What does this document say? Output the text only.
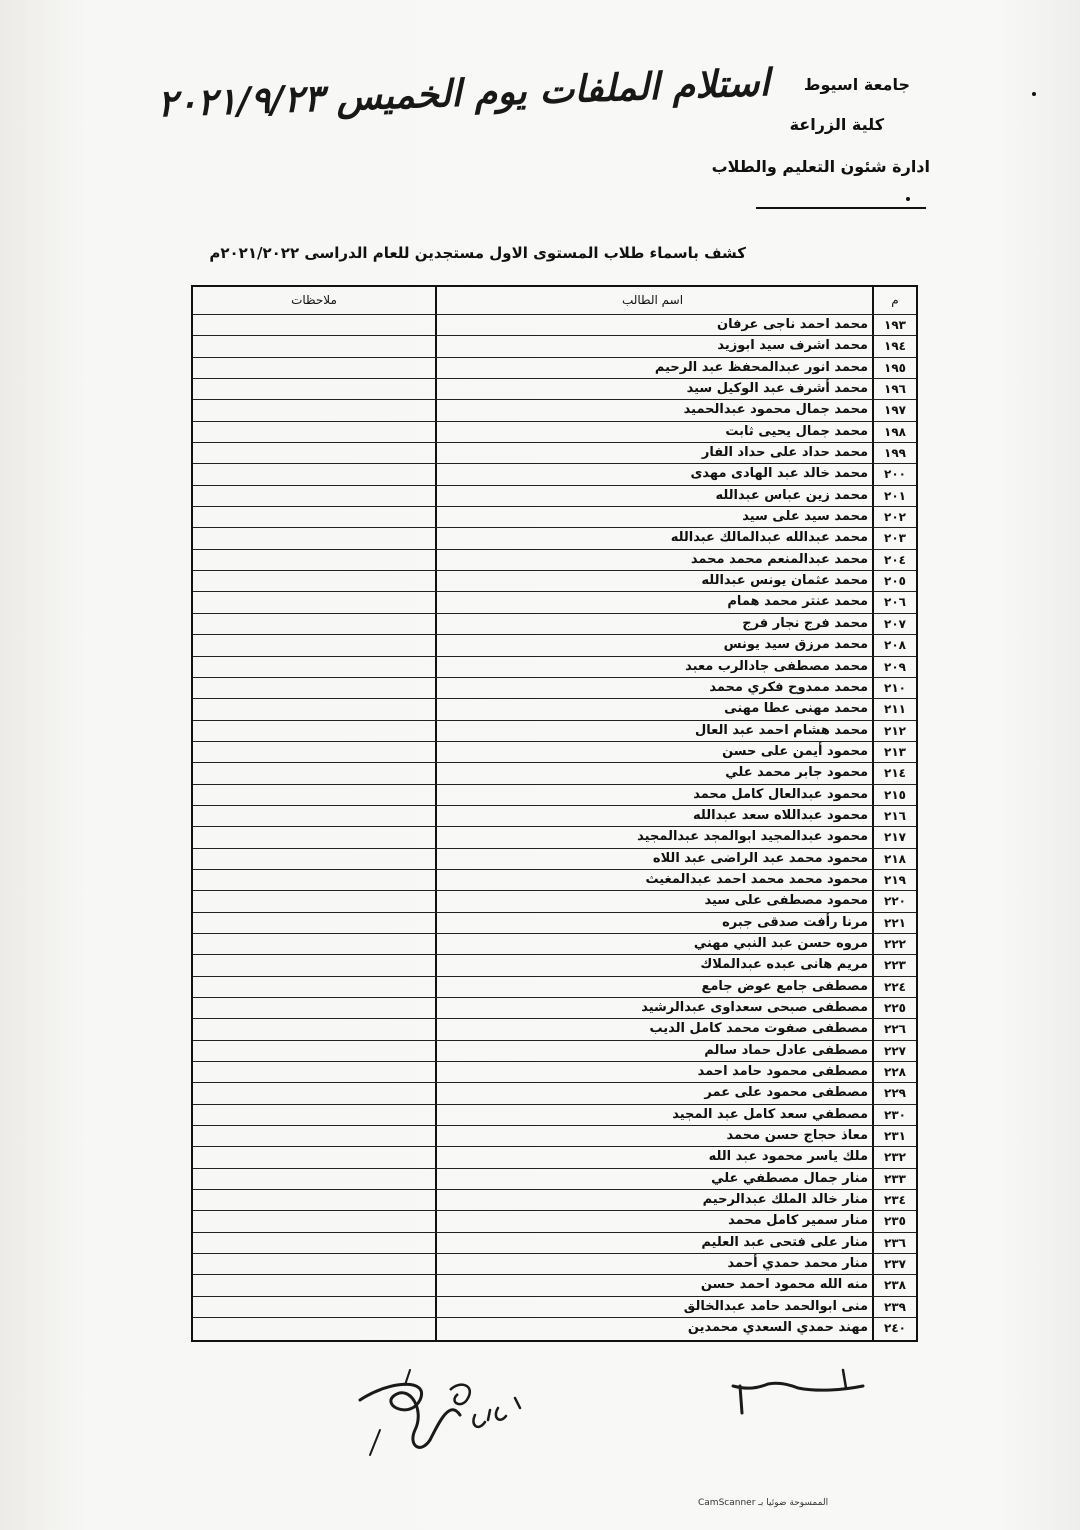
استلام الملفات يوم الخميس ٢٠٢١/٩/٢٣ جامعة اسيوط
كلية الزراعة
ادارة شئون التعليم والطلاب
كشف باسماء طلاب المستوى الاول مستجدين للعام الدراسى ٢٠٢١/٢٠٢٢م
م
اسم الطالب
ملاحظات
١٩٣
محمد احمد ناجى عرفان
١٩٤
محمد اشرف سيد ابوزيد
١٩٥
محمد انور عبدالمحفظ عبد الرحيم
١٩٦
محمد أشرف عبد الوكيل سيد
١٩٧
محمد جمال محمود عبدالحميد
١٩٨
محمد جمال يحيى ثابت
١٩٩
محمد حداد على حداد الفار
٢٠٠
محمد خالد عبد الهادى مهدى
٢٠١
محمد زين عباس عبدالله
٢٠٢
محمد سيد على سيد
٢٠٣
محمد عبدالله عبدالمالك عبدالله
٢٠٤
محمد عبدالمنعم محمد محمد
٢٠٥
محمد عثمان يونس عبدالله
٢٠٦
محمد عنتر محمد همام
٢٠٧
محمد فرج نجار فرج
٢٠٨
محمد مرزق سيد يونس
٢٠٩
محمد مصطفى جادالرب معبد
٢١٠
محمد ممدوح فكري محمد
٢١١
محمد مهنى عطا مهنى
٢١٢
محمد هشام احمد عبد العال
٢١٣
محمود أيمن على حسن
٢١٤
محمود جابر محمد علي
٢١٥
محمود عبدالعال كامل محمد
٢١٦
محمود عبداللاه سعد عبدالله
٢١٧
محمود عبدالمجيد ابوالمجد عبدالمجيد
٢١٨
محمود محمد عبد الراضى عبد اللاه
٢١٩
محمود محمد محمد احمد عبدالمغيث
٢٢٠
محمود مصطفى على سيد
٢٢١
مرنا رأفت صدقى جبره
٢٢٢
مروه حسن عبد النبي مهني
٢٢٣
مريم هانى عبده عبدالملاك
٢٢٤
مصطفى جامع عوض جامع
٢٢٥
مصطفى صبحى سعداوى عبدالرشيد
٢٢٦
مصطفى صفوت محمد كامل الديب
٢٢٧
مصطفى عادل حماد سالم
٢٢٨
مصطفى محمود حامد احمد
٢٢٩
مصطفى محمود على عمر
٢٣٠
مصطفي سعد كامل عبد المجيد
٢٣١
معاذ حجاج حسن محمد
٢٣٢
ملك ياسر محمود عبد الله
٢٣٣
منار جمال مصطفي علي
٢٣٤
منار خالد الملك عبدالرحيم
٢٣٥
منار سمير كامل محمد
٢٣٦
منار على فتحى عبد العليم
٢٣٧
منار محمد حمدي أحمد
٢٣٨
منه الله محمود احمد حسن
٢٣٩
منى ابوالحمد حامد عبدالخالق
٢٤٠
مهند حمدي السعدي محمدين
الممسوحة ضوئيا بـ CamScanner
